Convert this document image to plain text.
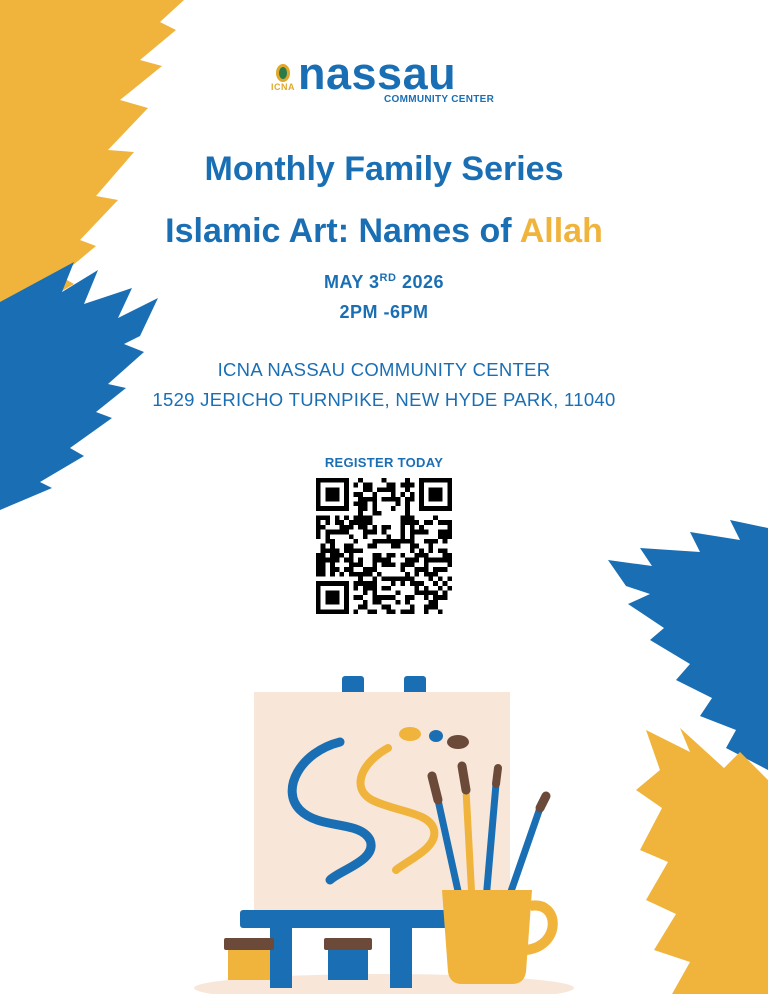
ICNA nassau
COMMUNITY CENTER
Monthly Family Series
Islamic Art: Names of Allah
MAY 3RD 2026
2PM -6PM
ICNA NASSAU COMMUNITY CENTER
1529 JERICHO TURNPIKE, NEW HYDE PARK, 11040
REGISTER TODAY
